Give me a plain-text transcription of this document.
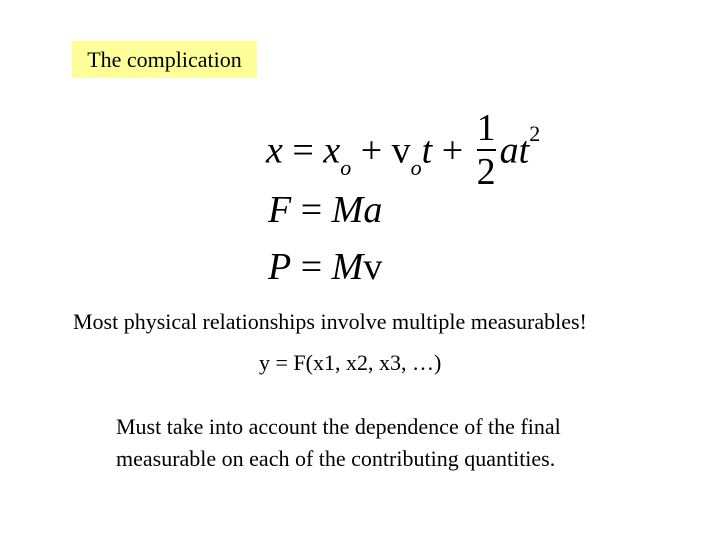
The complication
$x = x_o + v_ot + \frac{1}{2} at^2$
F = Ma
P = Mv
Most physical relationships involve multiple measurables!
y = F(x1, x2, x3, …)
Must take into account the dependence of the final
measurable on each of the contributing quantities.
